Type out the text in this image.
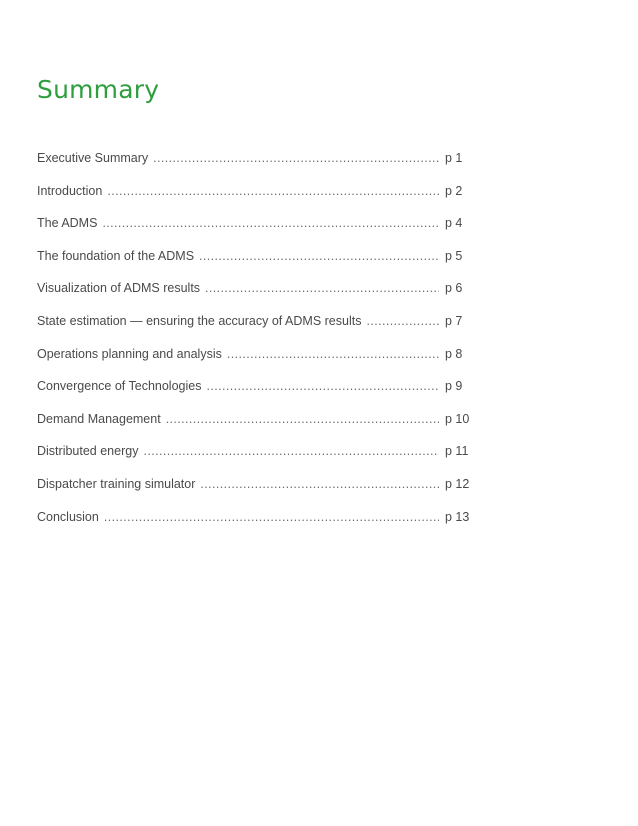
Summary
Executive Summary .....	p 1
Introduction .....	p 2
The ADMS .....	p 4
The foundation of the ADMS .....	p 5
Visualization of ADMS results .....	p 6
State estimation — ensuring the accuracy of ADMS results .....	p 7
Operations planning and analysis .....	p 8
Convergence of Technologies .....	p 9
Demand Management .....	p 10
Distributed energy .....	p 11
Dispatcher training simulator .....	p 12
Conclusion .....	p 13
